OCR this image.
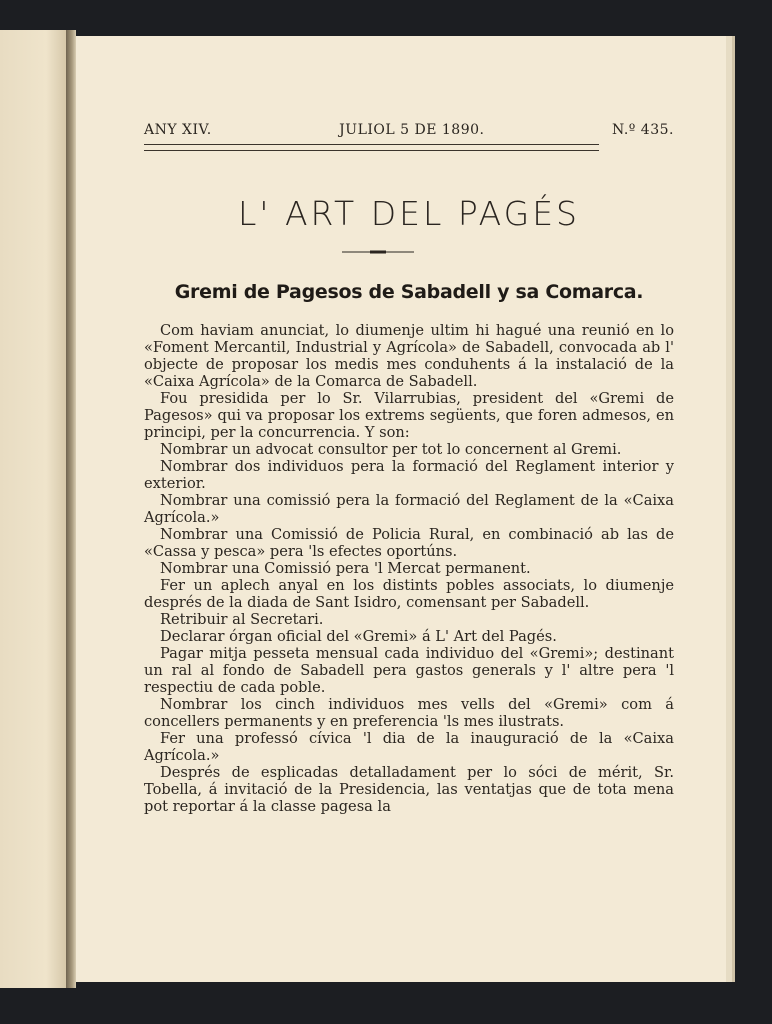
ANY XIV.	JULIOL 5 DE 1890.	N.º 435.
L' ART DEL PAGÉS
Gremi de Pagesos de Sabadell y sa Comarca.

Com haviam anunciat, lo diumenje ultim hi hagué una reunió en lo «Foment Mercantil, Industrial y Agrícola» de Sabadell, convocada ab l' objecte de proposar los medis mes conduhents á la instalació de la «Caixa Agrícola» de la Comarca de Sabadell.

Fou presidida per lo Sr. Vilarrubias, president del «Gremi de Pagesos» qui va proposar los extrems següents, que foren admesos, en principi, per la concurrencia. Y son:

Nombrar un advocat consultor per tot lo concernent al Gremi.

Nombrar dos individuos pera la formació del Reglament interior y exterior.

Nombrar una comissió pera la formació del Reglament de la «Caixa Agrícola.»

Nombrar una Comissió de Policia Rural, en combinació ab las de «Cassa y pesca» pera 'ls efectes oportúns.

Nombrar una Comissió pera 'l Mercat permanent.

Fer un aplech anyal en los distints pobles associats, lo diumenje després de la diada de Sant Isidro, comensant per Sabadell.

Retribuir al Secretari.

Declarar órgan oficial del «Gremi» á L' Art del Pagés.

Pagar mitja pesseta mensual cada individuo del «Gremi»; destinant un ral al fondo de Sabadell pera gastos generals y l' altre pera 'l respectiu de cada poble.

Nombrar los cinch individuos mes vells del «Gremi» com á concellers permanents y en preferencia 'ls mes ilustrats.

Fer una professó cívica 'l dia de la inauguració de la «Caixa Agrícola.»

Després de esplicadas detalladament per lo sóci de mérit, Sr. Tobella, á invitació de la Presidencia, las ventatjas que de tota mena pot reportar á la classe pagesa la
